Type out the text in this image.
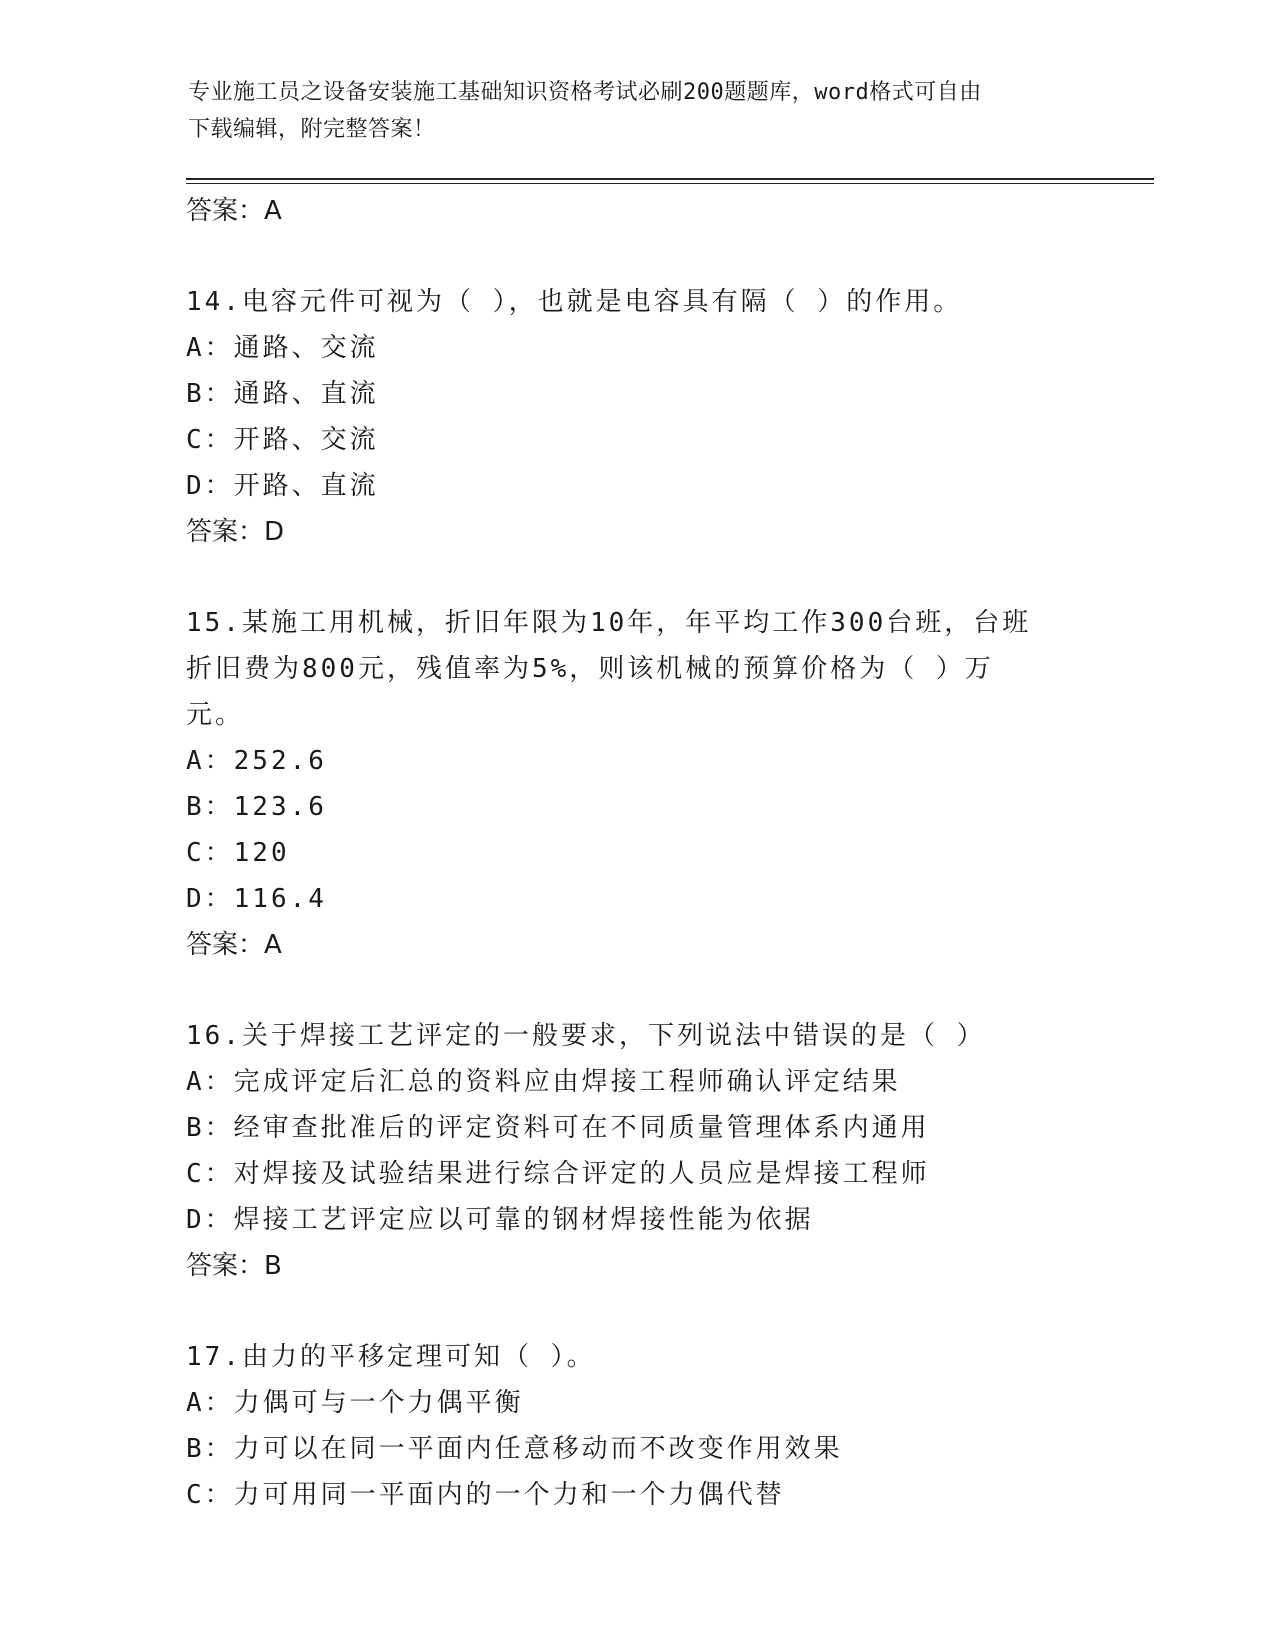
专业施工员之设备安装施工基础知识资格考试必刷200题题库，word格式可自由
下载编辑，附完整答案！
答案：A
14.电容元件可视为（ ），也就是电容具有隔（ ）的作用。
A：通路、交流
B：通路、直流
C：开路、交流
D：开路、直流
答案：D
15.某施工用机械，折旧年限为10年，年平均工作300台班，台班折旧费为800元，残值率为5%，则该机械的预算价格为（ ）万元。
A：252.6
B：123.6
C：120
D：116.4
答案：A
16.关于焊接工艺评定的一般要求，下列说法中错误的是（ ）
A：完成评定后汇总的资料应由焊接工程师确认评定结果
B：经审查批准后的评定资料可在不同质量管理体系内通用
C：对焊接及试验结果进行综合评定的人员应是焊接工程师
D：焊接工艺评定应以可靠的钢材焊接性能为依据
答案：B
17.由力的平移定理可知（ ）。
A：力偶可与一个力偶平衡
B：力可以在同一平面内任意移动而不改变作用效果
C：力可用同一平面内的一个力和一个力偶代替
